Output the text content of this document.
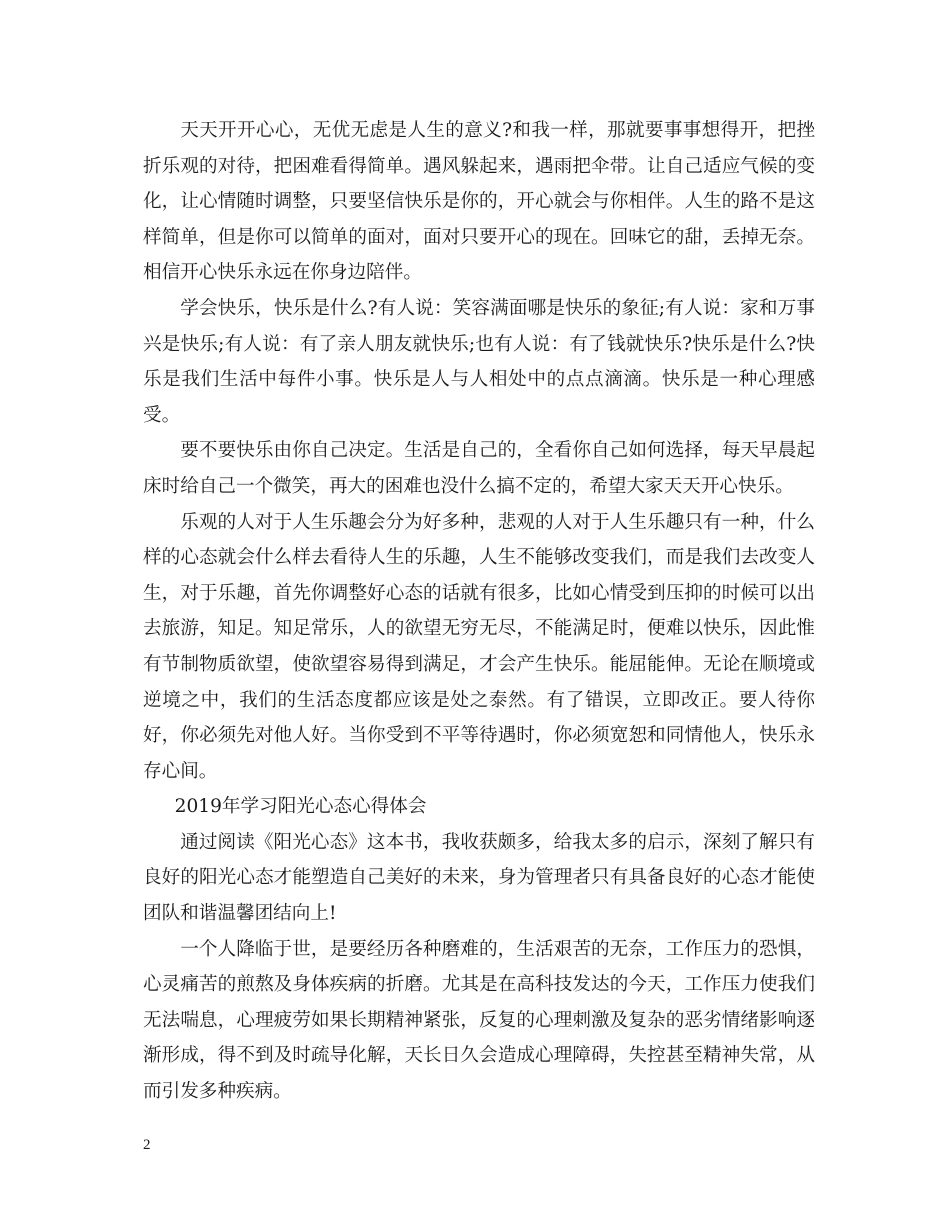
天天开开心心，无优无虑是人生的意义?和我一样，那就要事事想得开，把挫折乐观的对待，把困难看得简单。遇风躲起来，遇雨把伞带。让自己适应气候的变化，让心情随时调整，只要坚信快乐是你的，开心就会与你相伴。人生的路不是这样简单，但是你可以简单的面对，面对只要开心的现在。回味它的甜，丢掉无奈。相信开心快乐永远在你身边陪伴。

学会快乐，快乐是什么?有人说：笑容满面哪是快乐的象征;有人说：家和万事兴是快乐;有人说：有了亲人朋友就快乐;也有人说：有了钱就快乐?快乐是什么?快乐是我们生活中每件小事。快乐是人与人相处中的点点滴滴。快乐是一种心理感受。

要不要快乐由你自己决定。生活是自己的，全看你自己如何选择，每天早晨起床时给自己一个微笑，再大的困难也没什么搞不定的，希望大家天天开心快乐。

乐观的人对于人生乐趣会分为好多种，悲观的人对于人生乐趣只有一种，什么样的心态就会什么样去看待人生的乐趣，人生不能够改变我们，而是我们去改变人生，对于乐趣，首先你调整好心态的话就有很多，比如心情受到压抑的时候可以出去旅游，知足。知足常乐，人的欲望无穷无尽，不能满足时，便难以快乐，因此惟有节制物质欲望，使欲望容易得到满足，才会产生快乐。能屈能伸。无论在顺境或逆境之中，我们的生活态度都应该是处之泰然。有了错误，立即改正。要人待你好，你必须先对他人好。当你受到不平等待遇时，你必须宽恕和同情他人，快乐永存心间。

2019年学习阳光心态心得体会

通过阅读《阳光心态》这本书，我收获颇多，给我太多的启示，深刻了解只有良好的阳光心态才能塑造自己美好的未来，身为管理者只有具备良好的心态才能使团队和谐温馨团结向上!

一个人降临于世，是要经历各种磨难的，生活艰苦的无奈，工作压力的恐惧，心灵痛苦的煎熬及身体疾病的折磨。尤其是在高科技发达的今天，工作压力使我们无法喘息，心理疲劳如果长期精神紧张，反复的心理刺激及复杂的恶劣情绪影响逐渐形成，得不到及时疏导化解，天长日久会造成心理障碍，失控甚至精神失常，从而引发多种疾病。

2
